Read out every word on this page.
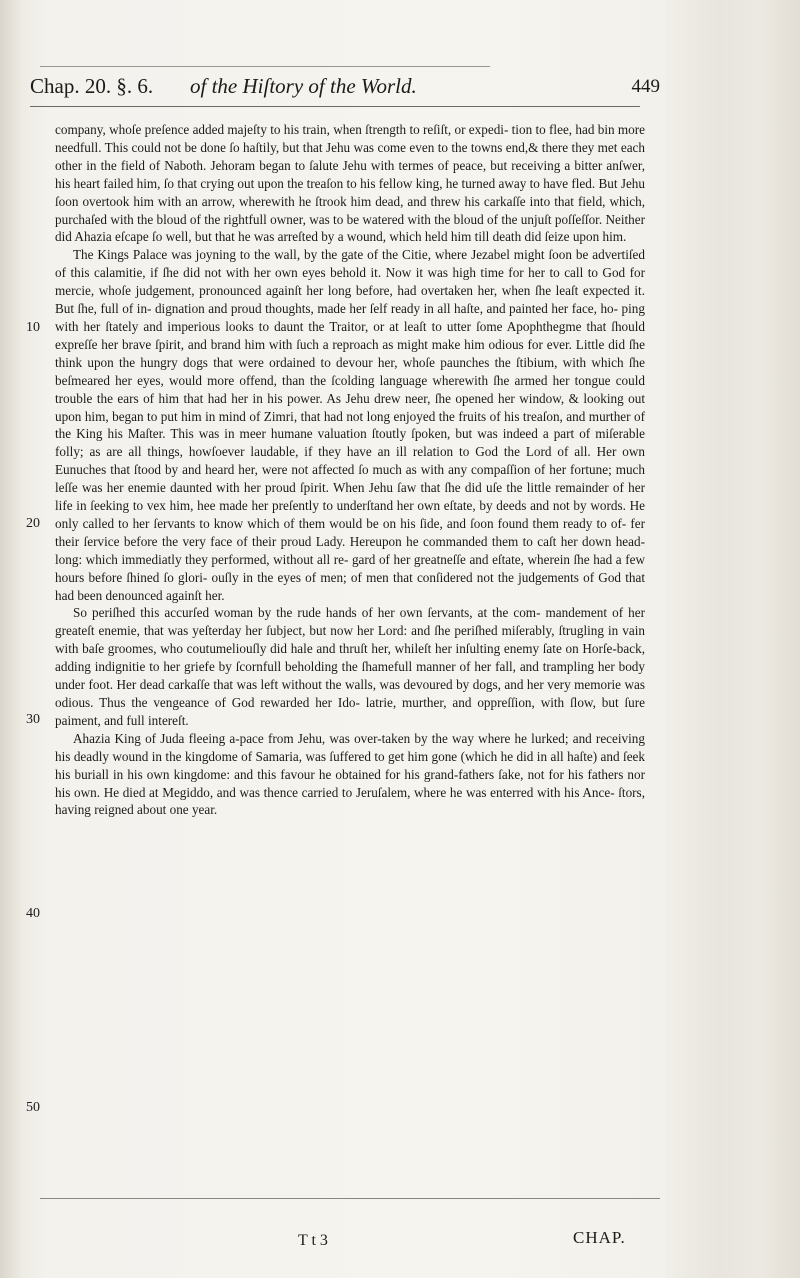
Chap. 20. §. 6. of the Hiſtory of the World.	449
10
20
30
40
50

company, whoſe preſence added majeſty to his train, when ſtrength to reſiſt, or expedi- tion to flee, had bin more needfull. This could not be done ſo haſtily, but that Jehu was come even to the towns end,& there they met each other in the field of Naboth. Jehoram began to ſalute Jehu with termes of peace, but receiving a bitter anſwer, his heart failed him, ſo that crying out upon the treaſon to his fellow king, he turned away to have fled. But Jehu ſoon overtook him with an arrow, wherewith he ſtrook him dead, and threw his carkaſſe into that field, which, purchaſed with the bloud of the rightfull owner, was to be watered with the bloud of the unjuſt poſſeſſor. Neither did Ahazia eſcape ſo well, but that he was arreſted by a wound, which held him till death did ſeize upon him.

The Kings Palace was joyning to the wall, by the gate of the Citie, where Jezabel might ſoon be advertiſed of this calamitie, if ſhe did not with her own eyes behold it. Now it was high time for her to call to God for mercie, whoſe judgement, pronounced againſt her long before, had overtaken her, when ſhe leaſt expected it. But ſhe, full of in- dignation and proud thoughts, made her ſelf ready in all haſte, and painted her face, ho- ping with her ſtately and imperious looks to daunt the Traitor, or at leaſt to utter ſome Apophthegme that ſhould expreſſe her brave ſpirit, and brand him with ſuch a reproach as might make him odious for ever. Little did ſhe think upon the hungry dogs that were ordained to devour her, whoſe paunches the ſtibium, with which ſhe beſmeared her eyes, would more offend, than the ſcolding language wherewith ſhe armed her tongue could trouble the ears of him that had her in his power. As Jehu drew neer, ſhe opened her window, & looking out upon him, began to put him in mind of Zimri, that had not long enjoyed the fruits of his treaſon, and murther of the King his Maſter. This was in meer humane valuation ſtoutly ſpoken, but was indeed a part of miſerable folly; as are all things, howſoever laudable, if they have an ill relation to God the Lord of all. Her own Eunuches that ſtood by and heard her, were not affected ſo much as with any compaſſion of her fortune; much leſſe was her enemie daunted with her proud ſpirit. When Jehu ſaw that ſhe did uſe the little remainder of her life in ſeeking to vex him, hee made her preſently to underſtand her own eſtate, by deeds and not by words. He only called to her ſervants to know which of them would be on his ſide, and ſoon found them ready to of- fer their ſervice before the very face of their proud Lady. Hereupon he commanded them to caſt her down head-long: which immediatly they performed, without all re- gard of her greatneſſe and eſtate, wherein ſhe had a few hours before ſhined ſo glori- ouſly in the eyes of men; of men that conſidered not the judgements of God that had been denounced againſt her.

So periſhed this accurſed woman by the rude hands of her own ſervants, at the com- mandement of her greateſt enemie, that was yeſterday her ſubject, but now her Lord: and ſhe periſhed miſerably, ſtrugling in vain with baſe groomes, who coutumeliouſly did hale and thruſt her, whileſt her inſulting enemy ſate on Horſe-back, adding indignitie to her griefe by ſcornfull beholding the ſhamefull manner of her fall, and trampling her body under foot. Her dead carkaſſe that was left without the walls, was devoured by dogs, and her very memorie was odious. Thus the vengeance of God rewarded her Ido- latrie, murther, and oppreſſion, with ſlow, but ſure paiment, and full intereſt.

Ahazia King of Juda fleeing a-pace from Jehu, was over-taken by the way where he lurked; and receiving his deadly wound in the kingdome of Samaria, was ſuffered to get him gone (which he did in all haſte) and ſeek his buriall in his own kingdome: and this favour he obtained for his grand-fathers ſake, not for his fathers nor his own. He died at Megiddo, and was thence carried to Jeruſalem, where he was enterred with his Ance- ſtors, having reigned about one year.

T t 3	CHAP.
